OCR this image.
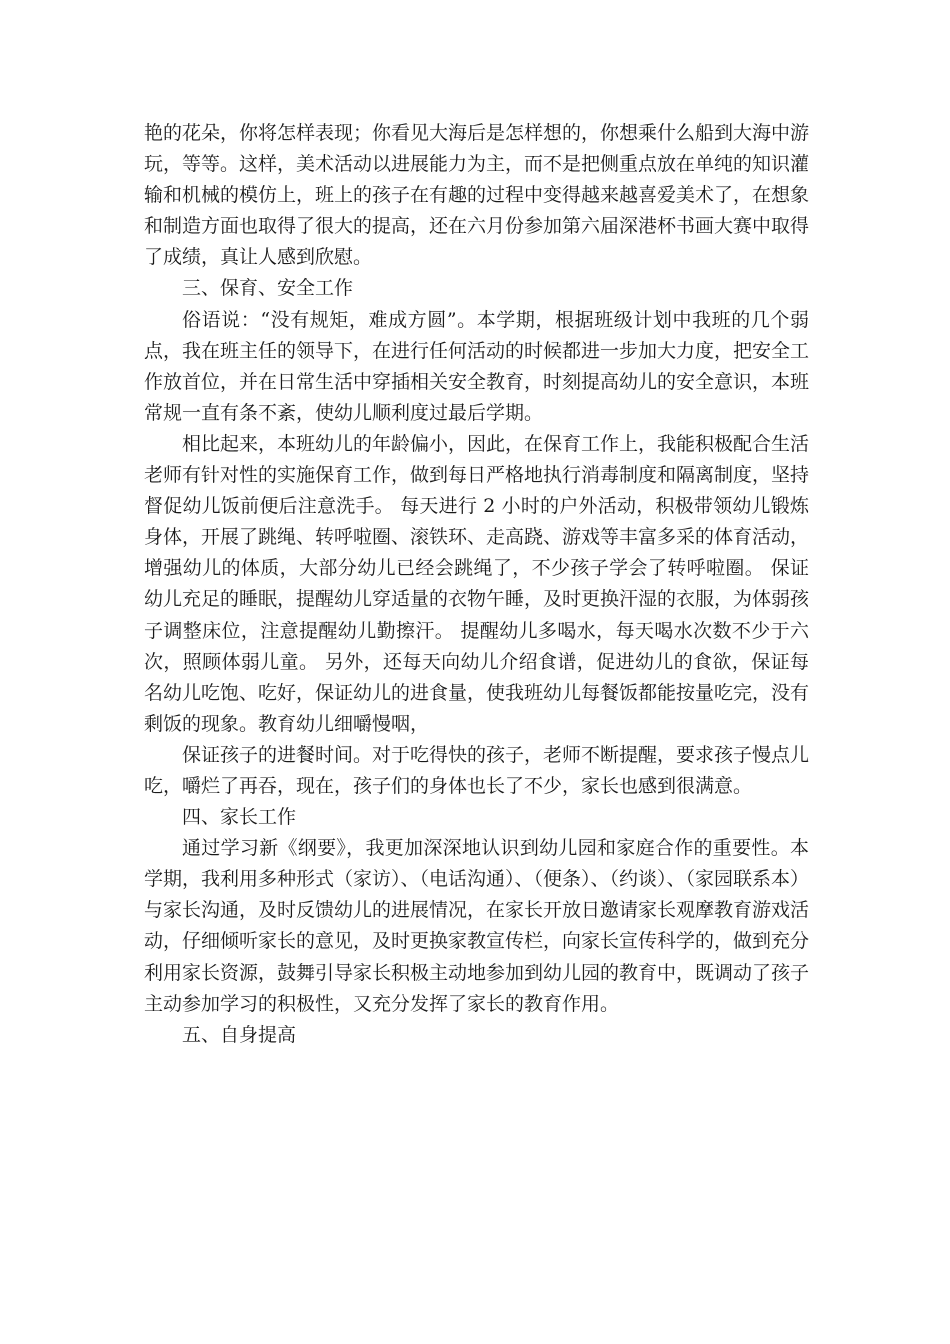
艳的花朵，你将怎样表现；你看见大海后是怎样想的，你想乘什么船到大海中游玩，等等。这样，美术活动以进展能力为主，而不是把侧重点放在单纯的知识灌输和机械的模仿上，班上的孩子在有趣的过程中变得越来越喜爱美术了，在想象和制造方面也取得了很大的提高，还在六月份参加第六届深港杯书画大赛中取得了成绩，真让人感到欣慰。

三、保育、安全工作

俗语说：“没有规矩，难成方圆”。本学期，根据班级计划中我班的几个弱点，我在班主任的领导下，在进行任何活动的时候都进一步加大力度，把安全工作放首位，并在日常生活中穿插相关安全教育，时刻提高幼儿的安全意识，本班常规一直有条不紊，使幼儿顺利度过最后学期。

相比起来，本班幼儿的年龄偏小，因此，在保育工作上，我能积极配合生活老师有针对性的实施保育工作，做到每日严格地执行消毒制度和隔离制度，坚持督促幼儿饭前便后注意洗手。 每天进行 2 小时的户外活动，积极带领幼儿锻炼身体，开展了跳绳、转呼啦圈、滚铁环、走高跷、游戏等丰富多采的体育活动，增强幼儿的体质，大部分幼儿已经会跳绳了，不少孩子学会了转呼啦圈。 保证幼儿充足的睡眠，提醒幼儿穿适量的衣物午睡，及时更换汗湿的衣服，为体弱孩子调整床位，注意提醒幼儿勤擦汗。 提醒幼儿多喝水，每天喝水次数不少于六次，照顾体弱儿童。 另外，还每天向幼儿介绍食谱，促进幼儿的食欲，保证每名幼儿吃饱、吃好，保证幼儿的进食量，使我班幼儿每餐饭都能按量吃完，没有剩饭的现象。教育幼儿细嚼慢咽，

保证孩子的进餐时间。对于吃得快的孩子，老师不断提醒，要求孩子慢点儿吃，嚼烂了再吞，现在，孩子们的身体也长了不少，家长也感到很满意。

四、家长工作

通过学习新《纲要》，我更加深深地认识到幼儿园和家庭合作的重要性。本学期，我利用多种形式（家访）、（电话沟通）、（便条）、（约谈）、（家园联系本）与家长沟通，及时反馈幼儿的进展情况，在家长开放日邀请家长观摩教育游戏活动，仔细倾听家长的意见，及时更换家教宣传栏，向家长宣传科学的，做到充分利用家长资源，鼓舞引导家长积极主动地参加到幼儿园的教育中，既调动了孩子主动参加学习的积极性，又充分发挥了家长的教育作用。

五、自身提高
